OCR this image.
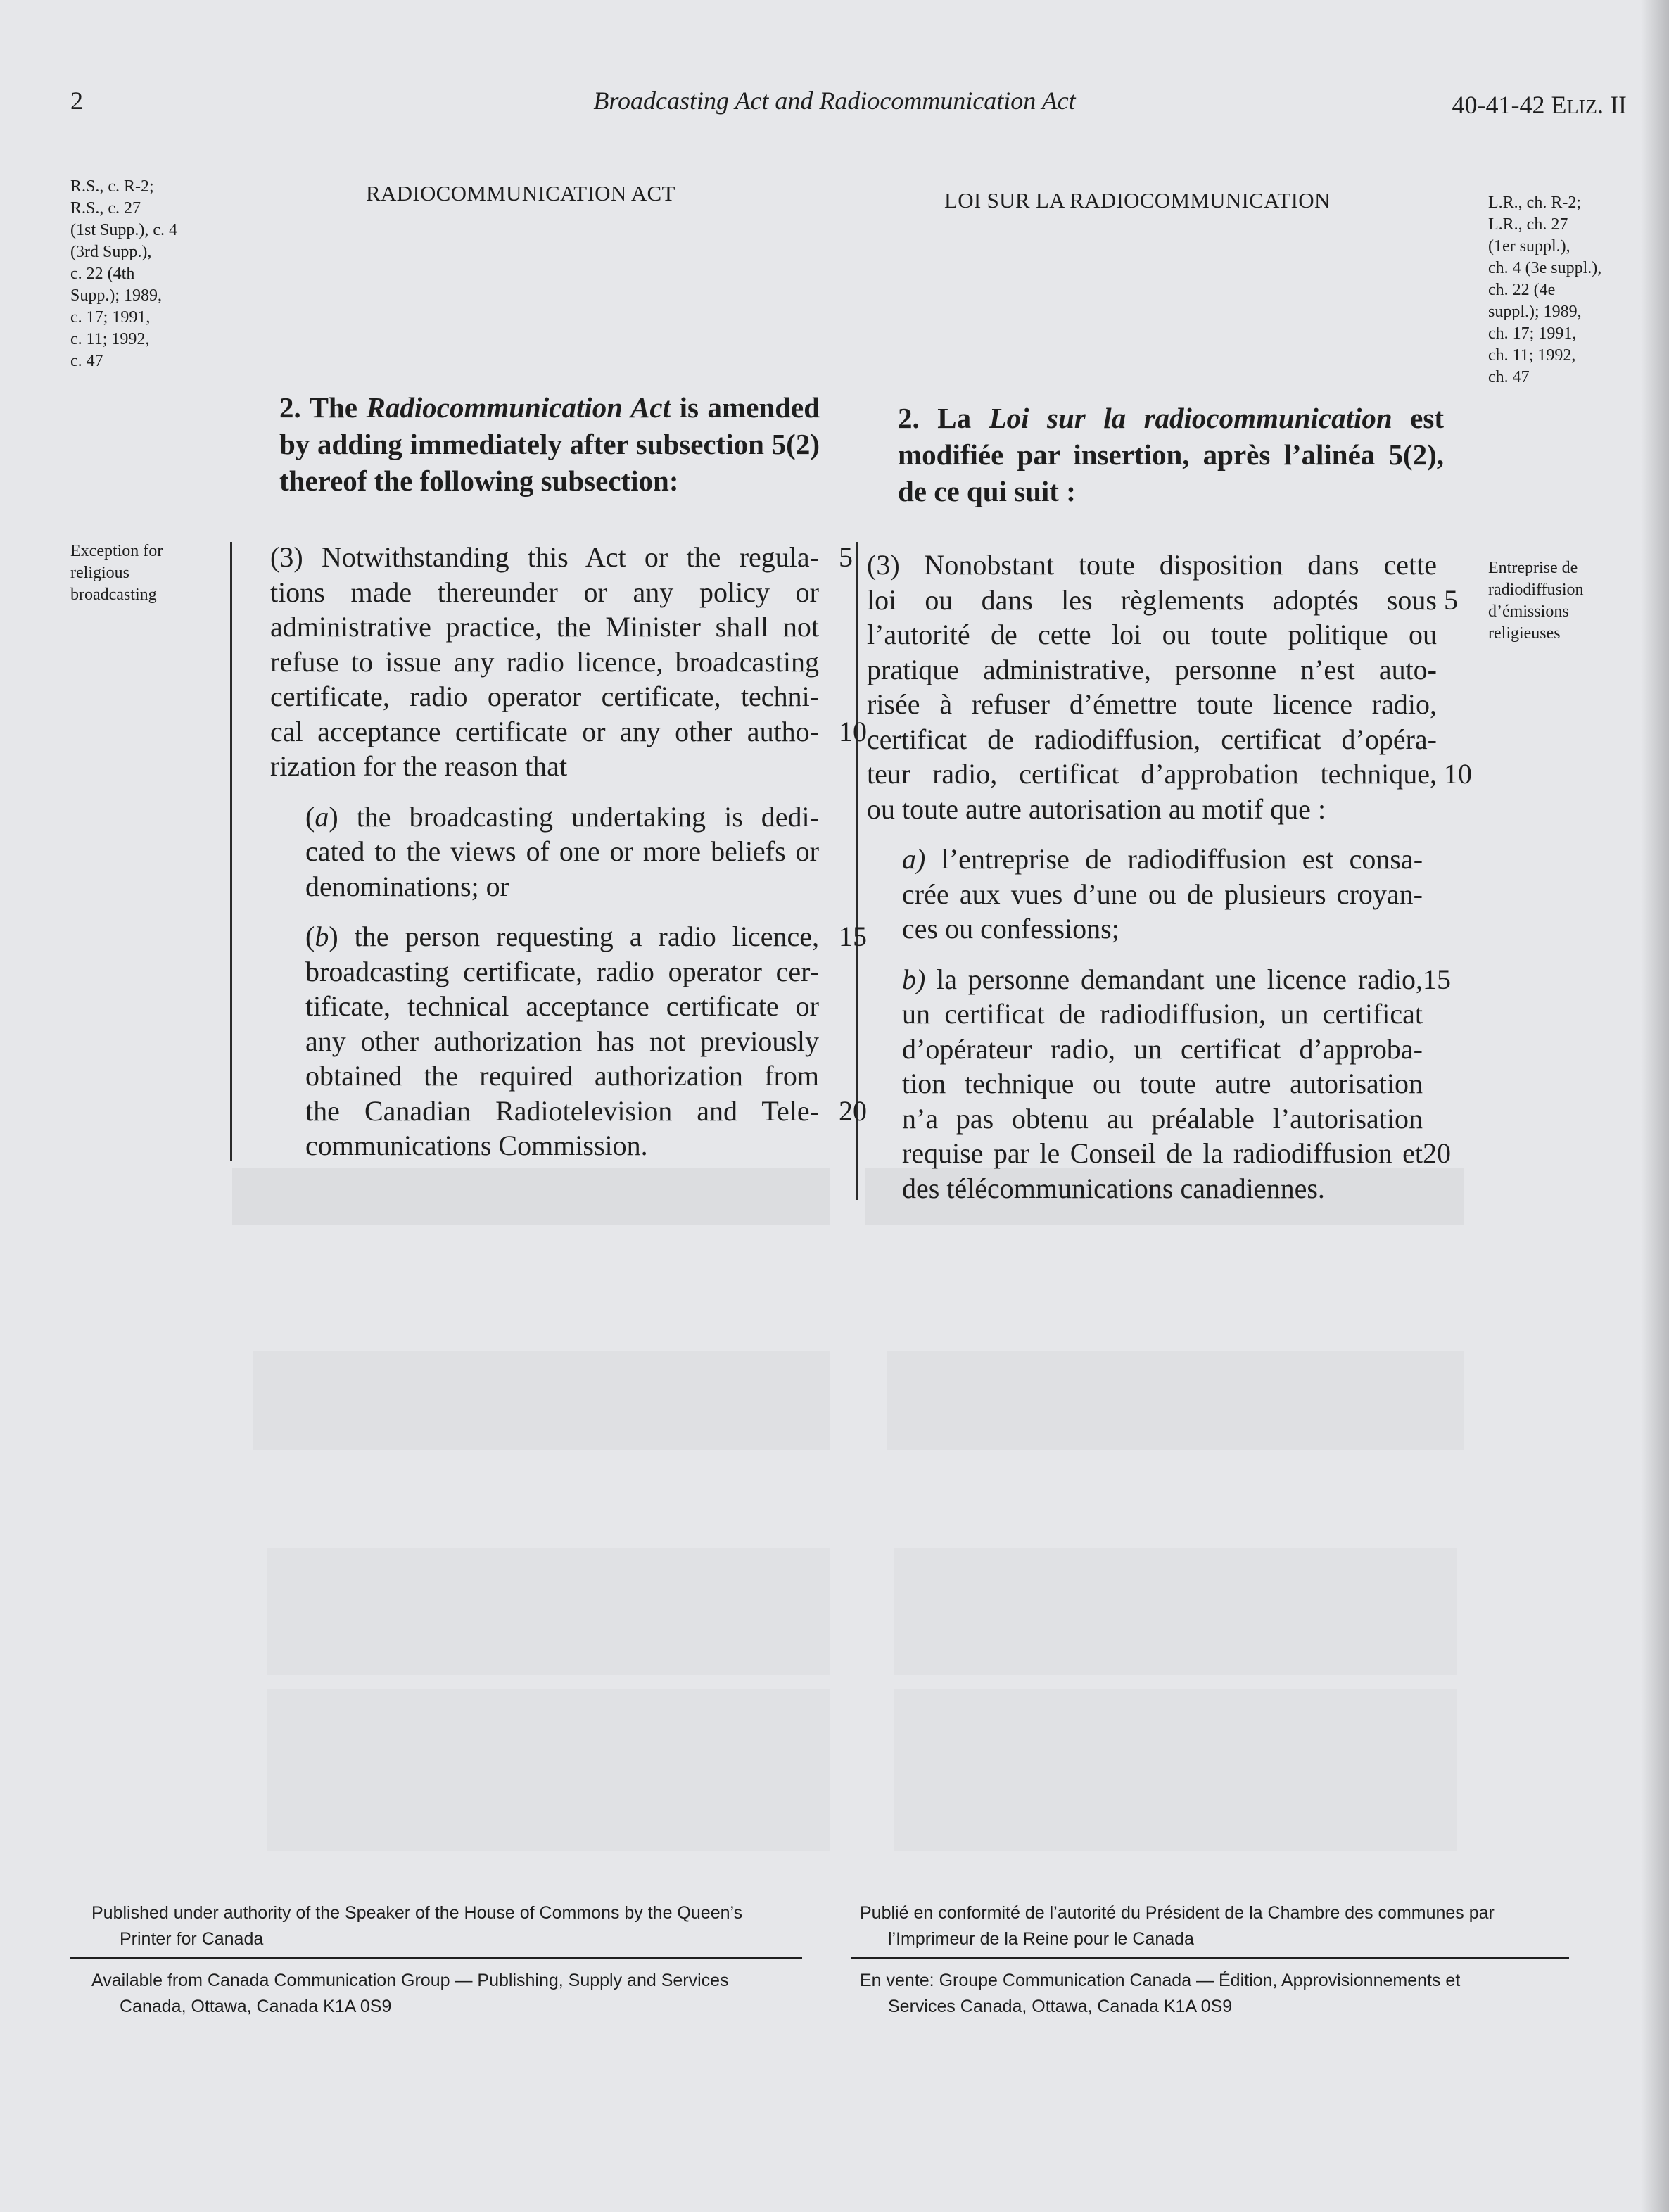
2	Broadcasting Act and Radiocommunication Act	40-41-42 ELIZ. II
R.S., c. R-2;
R.S., c. 27
(1st Supp.), c. 4
(3rd Supp.),
c. 22 (4th
Supp.); 1989,
c. 17; 1991,
c. 11; 1992,
c. 47
L.R., ch. R-2;
L.R., ch. 27
(1er suppl.),
ch. 4 (3e suppl.),
ch. 22 (4e
suppl.); 1989,
ch. 17; 1991,
ch. 11; 1992,
ch. 47
RADIOCOMMUNICATION ACT	LOI SUR LA RADIOCOMMUNICATION
2. The Radiocommunication Act is amended by adding immediately after subsection 5(2) thereof the following subsection:
2. La Loi sur la radiocommunication est modifiée par insertion, après l’alinéa 5(2), de ce qui suit :
Exception for
religious
broadcasting
Entreprise de
radiodiffusion
d’émissions
religieuses
(3) Notwithstanding this Act or the regula- 5
tions made thereunder or any policy or
administrative practice, the Minister shall not
refuse to issue any radio licence, broadcasting
certificate, radio operator certificate, techni-
cal acceptance certificate or any other autho- 10
rization for the reason that
(a) the broadcasting undertaking is dedi-
cated to the views of one or more beliefs or
denominations; or
(b) the person requesting a radio licence, 15
broadcasting certificate, radio operator cer-
tificate, technical acceptance certificate or
any other authorization has not previously
obtained the required authorization from
the Canadian Radiotelevision and Tele- 20
communications Commission.
(3) Nonobstant toute disposition dans cette
loi ou dans les règlements adoptés sous 5
l’autorité de cette loi ou toute politique ou
pratique administrative, personne n’est auto-
risée à refuser d’émettre toute licence radio,
certificat de radiodiffusion, certificat d’opéra-
teur radio, certificat d’approbation technique, 10
ou toute autre autorisation au motif que :
a) l’entreprise de radiodiffusion est consa-
crée aux vues d’une ou de plusieurs croyan-
ces ou confessions;
b) la personne demandant une licence radio, 15
un certificat de radiodiffusion, un certificat
d’opérateur radio, un certificat d’approba-
tion technique ou toute autre autorisation
n’a pas obtenu au préalable l’autorisation
requise par le Conseil de la radiodiffusion et 20
des télécommunications canadiennes.
Published under authority of the Speaker of the House of Commons by the Queen’s
Printer for Canada
Available from Canada Communication Group — Publishing, Supply and Services
Canada, Ottawa, Canada K1A 0S9
Publié en conformité de l’autorité du Président de la Chambre des communes par
l’Imprimeur de la Reine pour le Canada
En vente: Groupe Communication Canada — Édition, Approvisionnements et
Services Canada, Ottawa, Canada K1A 0S9
